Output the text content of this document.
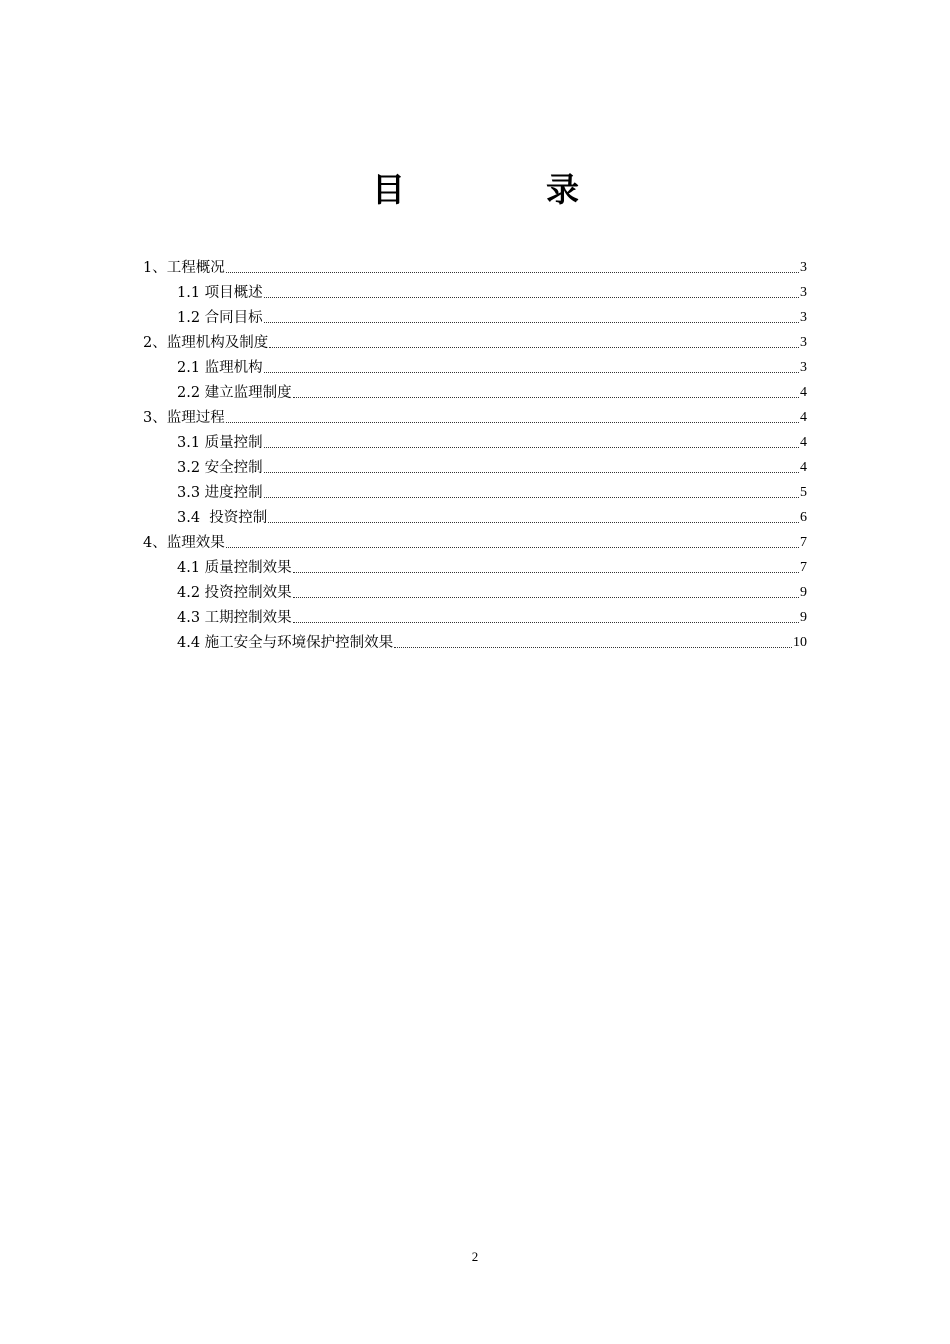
目	录
1、工程概况	3
1.1 项目概述	3
1.2 合同目标	3
2、监理机构及制度	3
2.1 监理机构	3
2.2 建立监理制度	4
3、监理过程	4
3.1 质量控制	4
3.2 安全控制	4
3.3 进度控制	5
3.4  投资控制	6
4、监理效果	7
4.1 质量控制效果	7
4.2 投资控制效果	9
4.3 工期控制效果	9
4.4 施工安全与环境保护控制效果	10
2
